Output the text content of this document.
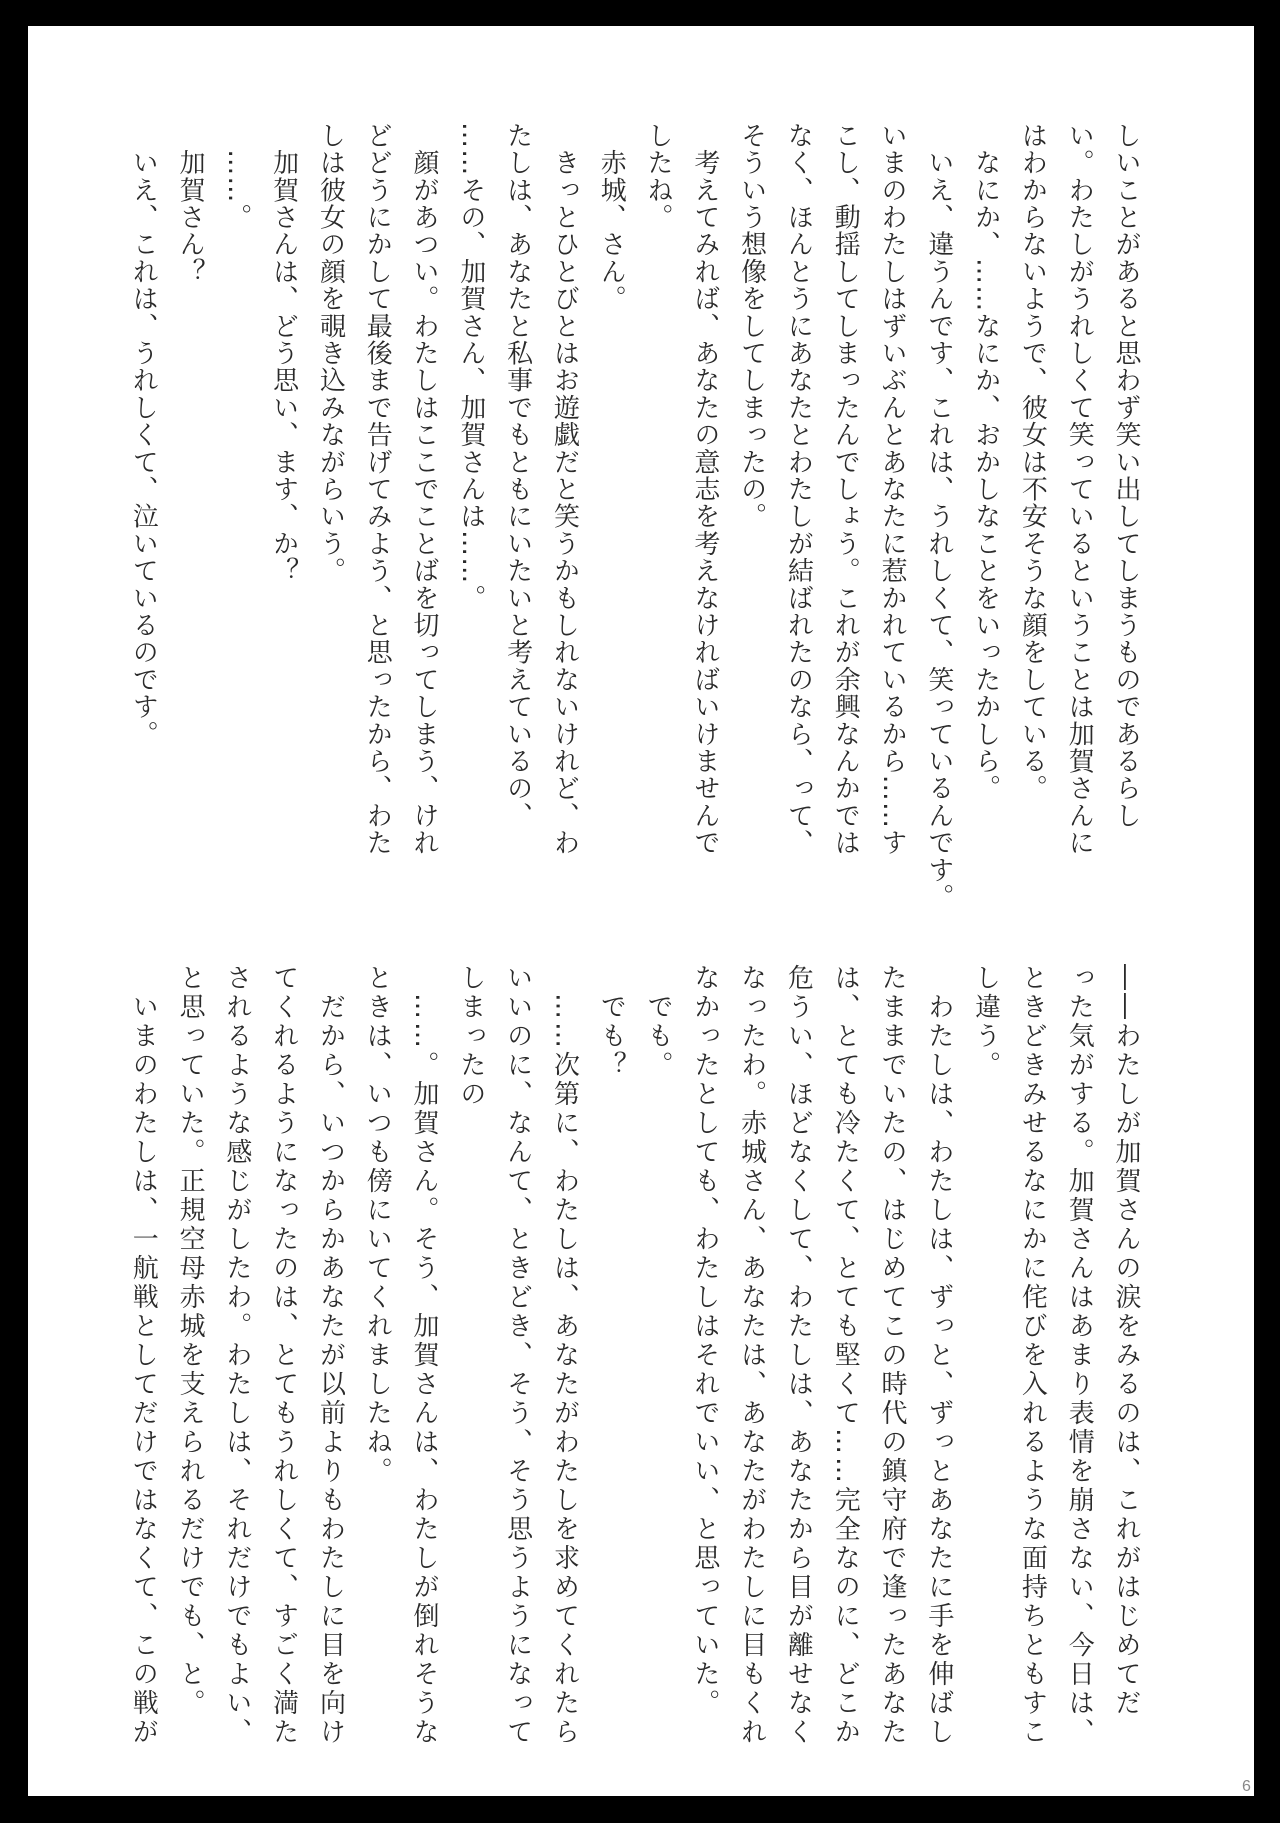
しいことがあると思わず笑い出してしまうものであるらし
い。わたしがうれしくて笑っているということは加賀さんに
はわからないようで、彼女は不安そうな顔をしている。
　なにか、……なにか、おかしなことをいったかしら。
　いえ、違うんです、これは、うれしくて、笑っているんです。
いまのわたしはずいぶんとあなたに惹かれているから……す
こし、動揺してしまったんでしょう。これが余興なんかでは
なく、ほんとうにあなたとわたしが結ばれたのなら、って、
そういう想像をしてしまったの。
　考えてみれば、あなたの意志を考えなければいけませんで
したね。
　赤城、さん。
　きっとひとびとはお遊戯だと笑うかもしれないけれど、わ
たしは、あなたと私事でもともにいたいと考えているの、
……その、加賀さん、加賀さんは……。
　顔があつい。わたしはここでことばを切ってしまう、けれ
どどうにかして最後まで告げてみよう、と思ったから、わた
しは彼女の顔を覗き込みながらいう。
　加賀さんは、どう思い、ます、か？
　……。
　加賀さん？
　いえ、これは、うれしくて、泣いているのです。
――わたしが加賀さんの涙をみるのは、これがはじめてだ
った気がする。加賀さんはあまり表情を崩さない、今日は、
ときどきみせるなにかに侘びを入れるような面持ちともすこ
し違う。
　わたしは、わたしは、ずっと、ずっとあなたに手を伸ばし
たままでいたの、はじめてこの時代の鎮守府で逢ったあなた
は、とても冷たくて、とても堅くて……完全なのに、どこか
危うい、ほどなくして、わたしは、あなたから目が離せなく
なったわ。赤城さん、あなたは、あなたがわたしに目もくれ
なかったとしても、わたしはそれでいい、と思っていた。
　でも。
　でも？
　……次第に、わたしは、あなたがわたしを求めてくれたら
いいのに、なんて、ときどき、そう、そう思うようになって
しまったの
　……。加賀さん。そう、加賀さんは、わたしが倒れそうな
ときは、いつも傍にいてくれましたね。
　だから、いつからかあなたが以前よりもわたしに目を向け
てくれるようになったのは、とてもうれしくて、すごく満た
されるような感じがしたわ。わたしは、それだけでもよい、
と思っていた。正規空母赤城を支えられるだけでも、と。
　いまのわたしは、一航戦としてだけではなくて、この戦が
6
